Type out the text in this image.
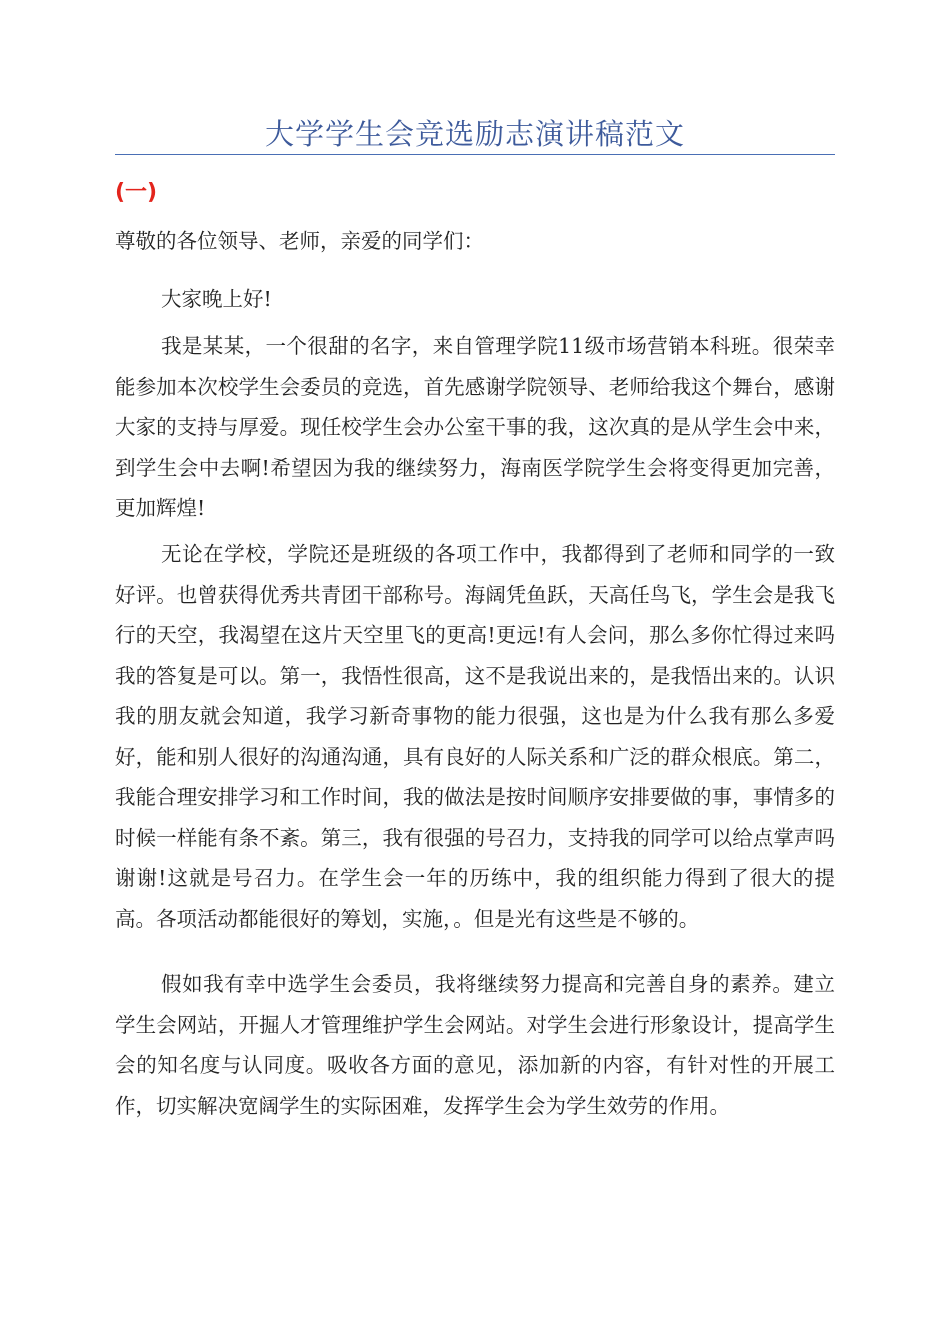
大学学生会竞选励志演讲稿范文
(一)
尊敬的各位领导、老师，亲爱的同学们：
大家晚上好!

我是某某，一个很甜的名字，来自管理学院11级市场营销本科班。很荣幸能参加本次校学生会委员的竞选，首先感谢学院领导、老师给我这个舞台，感谢大家的支持与厚爱。现任校学生会办公室干事的我，这次真的是从学生会中来，到学生会中去啊!希望因为我的继续努力，海南医学院学生会将变得更加完善，更加辉煌!

无论在学校，学院还是班级的各项工作中，我都得到了老师和同学的一致好评。也曾获得优秀共青团干部称号。海阔凭鱼跃，天高任鸟飞，学生会是我飞行的天空，我渴望在这片天空里飞的更高!更远!有人会问，那么多你忙得过来吗我的答复是可以。第一，我悟性很高，这不是我说出来的，是我悟出来的。认识我的朋友就会知道，我学习新奇事物的能力很强，这也是为什么我有那么多爱好，能和别人很好的沟通沟通，具有良好的人际关系和广泛的群众根底。第二，我能合理安排学习和工作时间，我的做法是按时间顺序安排要做的事，事情多的时候一样能有条不紊。第三，我有很强的号召力，支持我的同学可以给点掌声吗谢谢!这就是号召力。在学生会一年的历练中，我的组织能力得到了很大的提高。各项活动都能很好的筹划，实施，。但是光有这些是不够的。

假如我有幸中选学生会委员，我将继续努力提高和完善自身的素养。建立学生会网站，开掘人才管理维护学生会网站。对学生会进行形象设计，提高学生会的知名度与认同度。吸收各方面的意见，添加新的内容，有针对性的开展工作，切实解决宽阔学生的实际困难，发挥学生会为学生效劳的作用。
